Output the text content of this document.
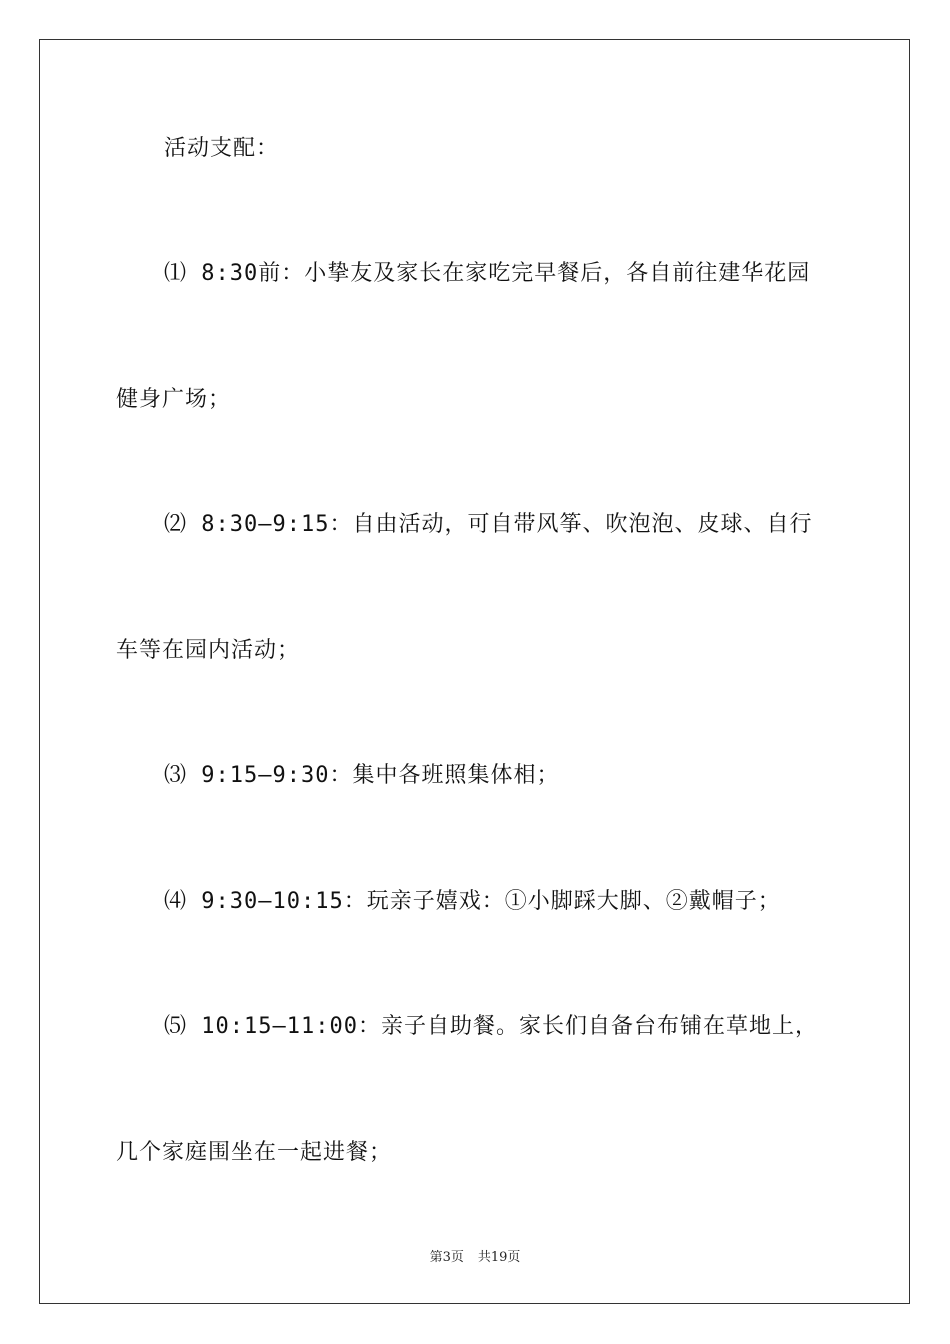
活动支配：
⑴ 8:30前：小挚友及家长在家吃完早餐后，各自前往建华花园
健身广场；
⑵ 8:30—9:15：自由活动，可自带风筝、吹泡泡、皮球、自行
车等在园内活动；
⑶ 9:15—9:30：集中各班照集体相；
⑷ 9:30—10:15：玩亲子嬉戏：①小脚踩大脚、②戴帽子；
⑸ 10:15—11:00：亲子自助餐。家长们自备台布铺在草地上，
几个家庭围坐在一起进餐；
第3页 共19页
